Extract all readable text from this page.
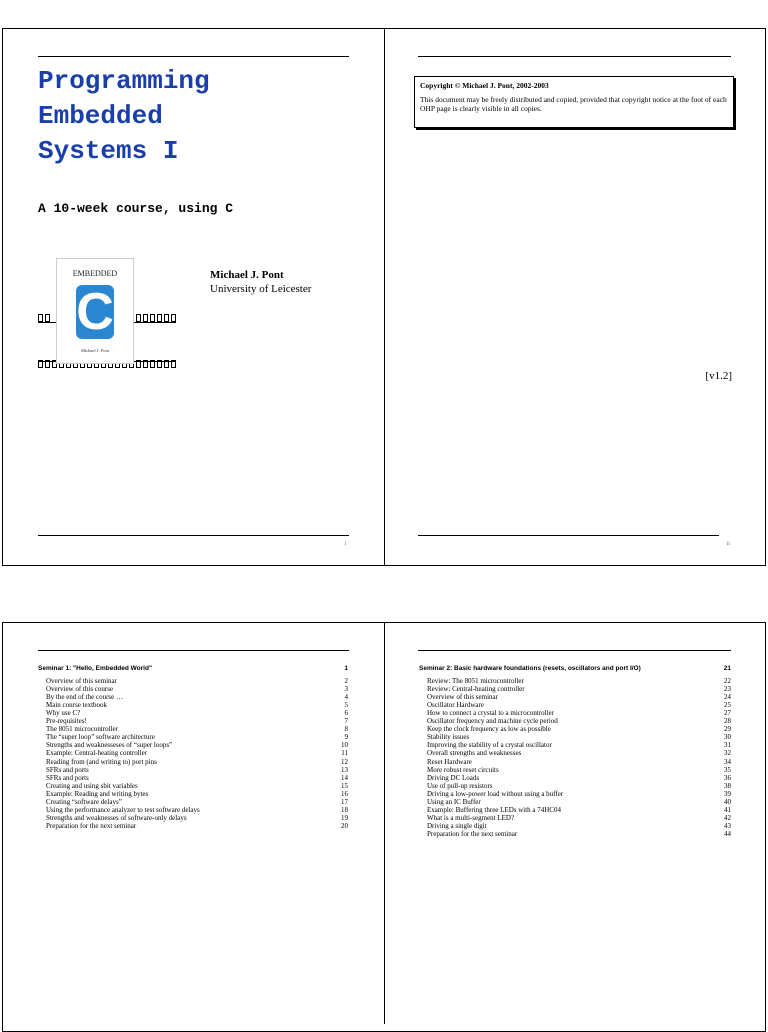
Programming
Embedded
Systems I
A 10-week course, using C
EMBEDDED
C
Michael J. Pont
Michael J. Pont
University of Leicester
[v1.2]
i
Copyright © Michael J. Pont, 2002-2003
This document may be freely distributed and copied, provided that copyright notice at the foot of each OHP page is clearly visible in all copies.
ii
Seminar 1: "Hello, Embedded World"	1
Overview of this seminar	2
Overview of this course	3
By the end of the course …	4
Main course textbook	5
Why use C?	6
Pre-requisites!	7
The 8051 microcontroller	8
The “super loop” software architecture	9
Strengths and weaknesseses of “super loops”	10
Example: Central-heating controller	11
Reading from (and writing to) port pins	12
SFRs and ports	13
SFRs and ports	14
Creating and using sbit variables	15
Example: Reading and writing bytes	16
Creating “software delays”	17
Using the performance analyzer to test software delays	18
Strengths and weaknesses of software-only delays	19
Preparation for the next seminar	20
Seminar 2: Basic hardware foundations (resets, oscillators and port I/O)	21
Review: The 8051 microcontroller	22
Review: Central-heating controller	23
Overview of this seminar	24
Oscillator Hardware	25
How to connect a crystal to a microcontroller	27
Oscillator frequency and machine cycle period	28
Keep the clock frequency as low as possible	29
Stability issues	30
Improving the stability of a crystal oscillator	31
Overall strengths and weaknesses	32
Reset Hardware	34
More robust reset circuits	35
Driving DC Loads	36
Use of pull-up resistors	38
Driving a low-power load without using a buffer	39
Using an IC Buffer	40
Example: Buffering three LEDs with a 74HC04	41
What is a multi-segment LED?	42
Driving a single digit	43
Preparation for the next seminar	44
